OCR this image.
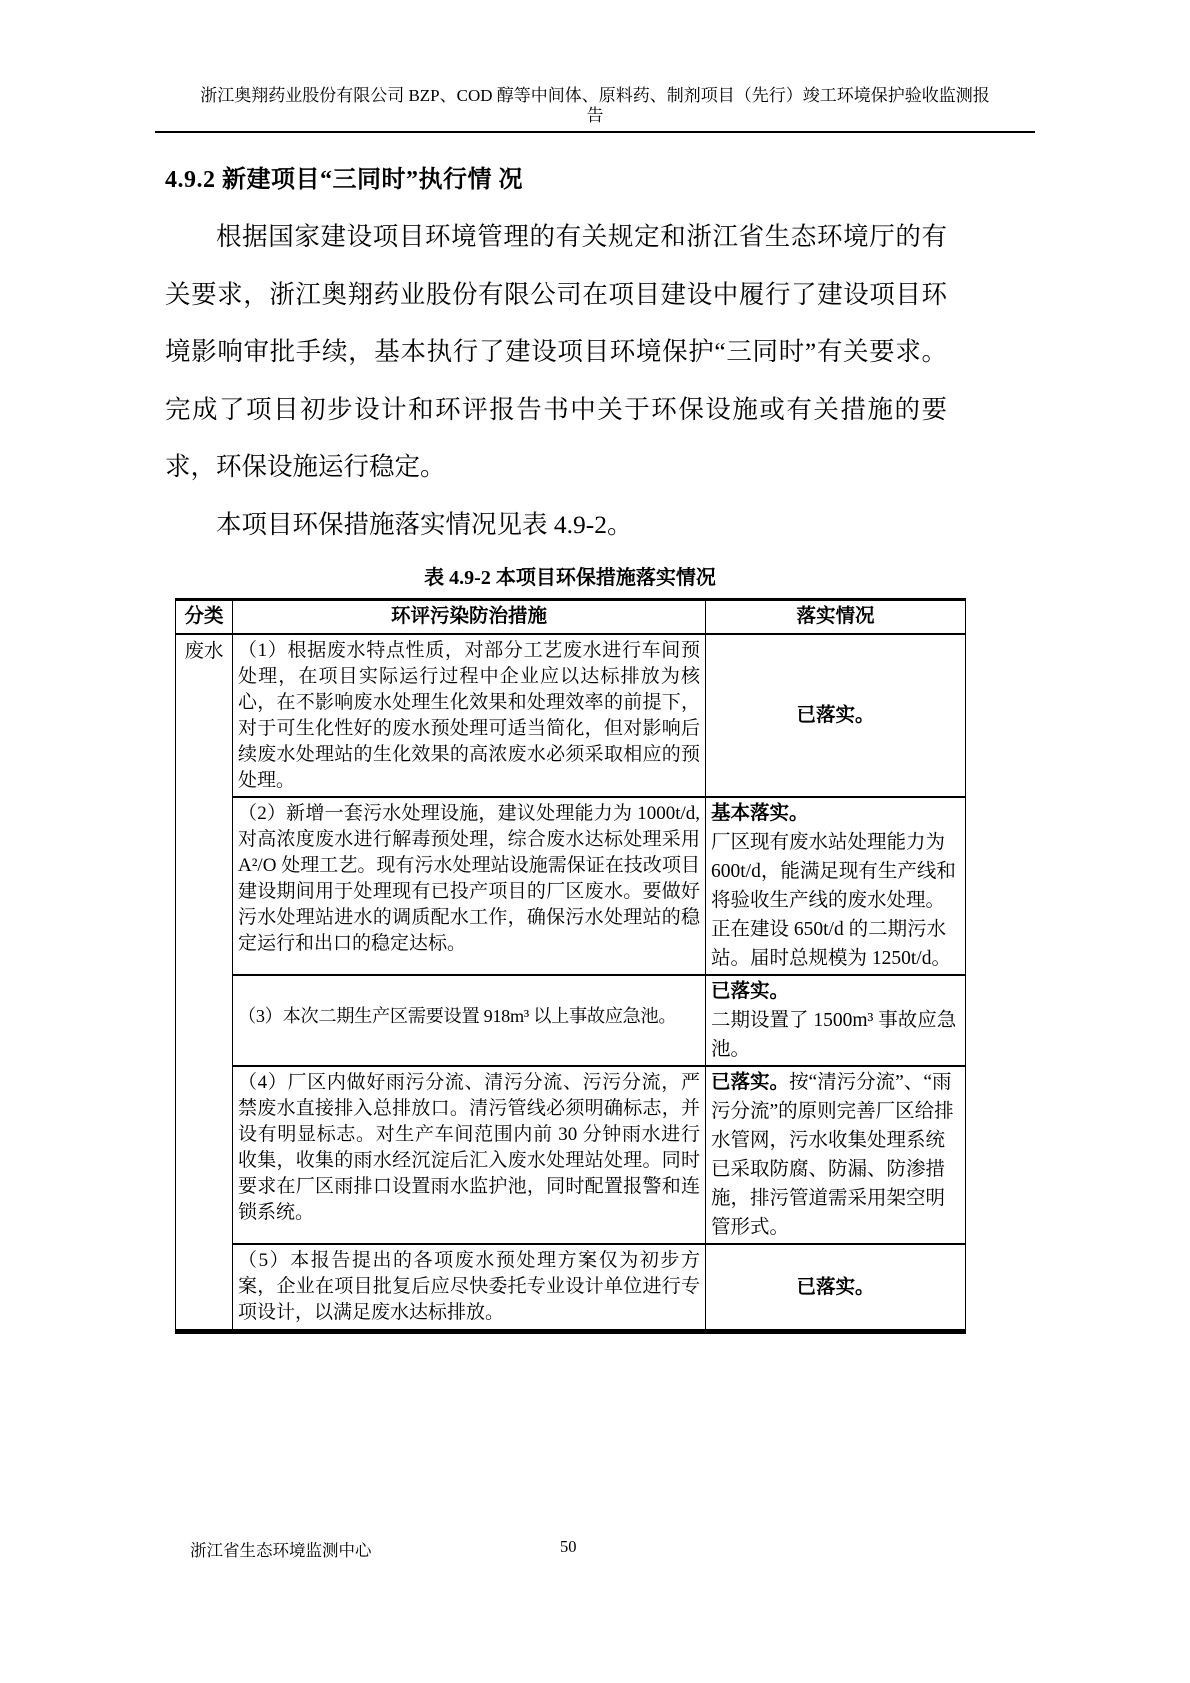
浙江奥翔药业股份有限公司 BZP、COD 醇等中间体、原料药、制剂项目（先行）竣工环境保护验收监测报
告
4.9.2 新建项目“三同时”执行情 况

根据国家建设项目环境管理的有关规定和浙江省生态环境厅的有关要求，浙江奥翔药业股份有限公司在项目建设中履行了建设项目环境影响审批手续，基本执行了建设项目环境保护“三同时”有关要求。完成了项目初步设计和环评报告书中关于环保设施或有关措施的要求，环保设施运行稳定。

本项目环保措施落实情况见表 4.9-2。

表 4.9-2 本项目环保措施落实情况
分类	环评污染防治措施	落实情况
废水	（1）根据废水特点性质，对部分工艺废水进行车间预处理，在项目实际运行过程中企业应以达标排放为核心，在不影响废水处理生化效果和处理效率的前提下，对于可生化性好的废水预处理可适当简化，但对影响后续废水处理站的生化效果的高浓废水必须采取相应的预处理。	已落实。
	（2）新增一套污水处理设施，建议处理能力为 1000t/d,对高浓度废水进行解毒预处理，综合废水达标处理采用 A²/O 处理工艺。现有污水处理站设施需保证在技改项目建设期间用于处理现有已投产项目的厂区废水。要做好污水处理站进水的调质配水工作，确保污水处理站的稳定运行和出口的稳定达标。	基本落实。
厂区现有废水站处理能力为 600t/d，能满足现有生产线和将验收生产线的废水处理。正在建设 650t/d 的二期污水站。届时总规模为 1250t/d。
	（3）本次二期生产区需要设置 918m³ 以上事故应急池。	已落实。
二期设置了 1500m³ 事故应急池。
	（4）厂区内做好雨污分流、清污分流、污污分流，严禁废水直接排入总排放口。清污管线必须明确标志，并设有明显标志。对生产车间范围内前 30 分钟雨水进行收集，收集的雨水经沉淀后汇入废水处理站处理。同时要求在厂区雨排口设置雨水监护池，同时配置报警和连锁系统。	已落实。按“清污分流”、“雨污分流”的原则完善厂区给排水管网，污水收集处理系统已采取防腐、防漏、防渗措施，排污管道需采用架空明管形式。
	（5）本报告提出的各项废水预处理方案仅为初步方案，企业在项目批复后应尽快委托专业设计单位进行专项设计，以满足废水达标排放。	已落实。
浙江省生态环境监测中心	50
